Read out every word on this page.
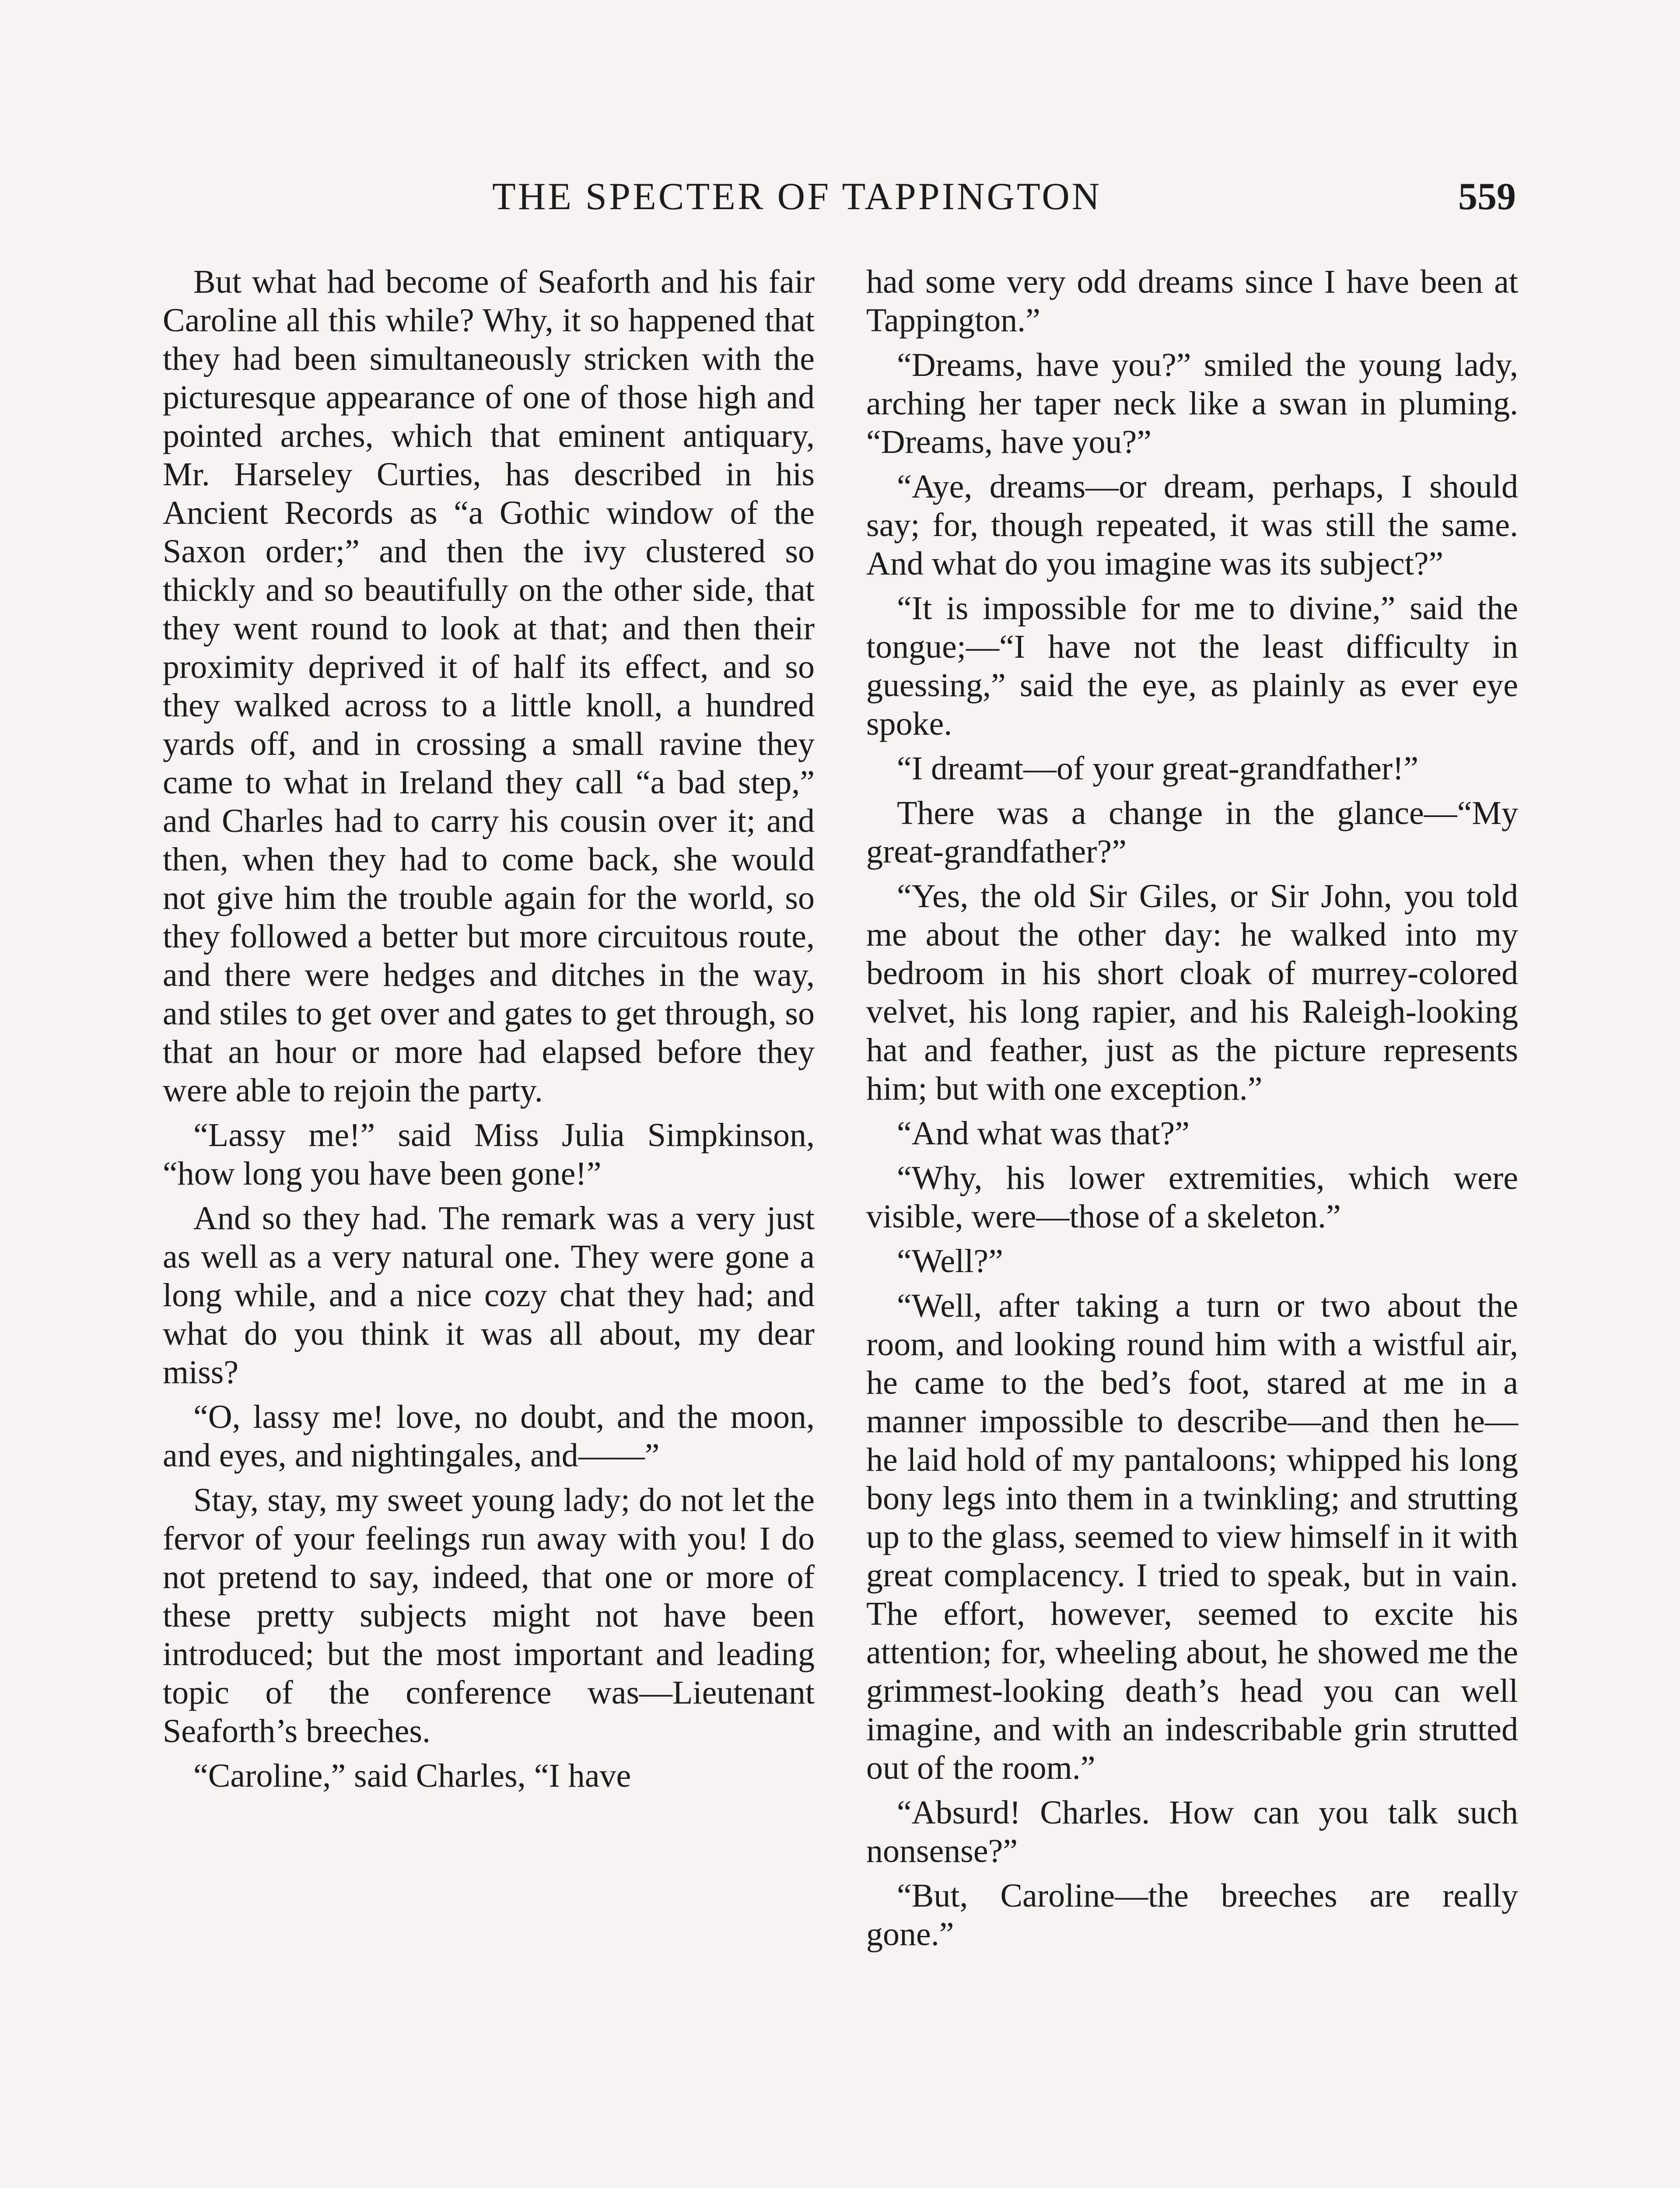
THE SPECTER OF TAPPINGTON	559

But what had become of Seaforth and his fair Caroline all this while? Why, it so happened that they had been simultaneously stricken with the picturesque appearance of one of those high and pointed arches, which that eminent antiquary, Mr. Harseley Curties, has described in his Ancient Records as “a Gothic window of the Saxon order;” and then the ivy clustered so thickly and so beautifully on the other side, that they went round to look at that; and then their proximity deprived it of half its effect, and so they walked across to a little knoll, a hundred yards off, and in crossing a small ravine they came to what in Ireland they call “a bad step,” and Charles had to carry his cousin over it; and then, when they had to come back, she would not give him the trouble again for the world, so they followed a better but more circuitous route, and there were hedges and ditches in the way, and stiles to get over and gates to get through, so that an hour or more had elapsed before they were able to rejoin the party.

“Lassy me!” said Miss Julia Simpkinson, “how long you have been gone!”

And so they had. The remark was a very just as well as a very natural one. They were gone a long while, and a nice cozy chat they had; and what do you think it was all about, my dear miss?

“O, lassy me! love, no doubt, and the moon, and eyes, and nightingales, and——”

Stay, stay, my sweet young lady; do not let the fervor of your feelings run away with you! I do not pretend to say, indeed, that one or more of these pretty subjects might not have been introduced; but the most important and leading topic of the conference was—Lieutenant Seaforth’s breeches.

“Caroline,” said Charles, “I have

had some very odd dreams since I have been at Tappington.”

“Dreams, have you?” smiled the young lady, arching her taper neck like a swan in pluming. “Dreams, have you?”

“Aye, dreams—or dream, perhaps, I should say; for, though repeated, it was still the same. And what do you imagine was its subject?”

“It is impossible for me to divine,” said the tongue;—“I have not the least difficulty in guessing,” said the eye, as plainly as ever eye spoke.

“I dreamt—of your great-grandfather!”

There was a change in the glance—“My great-grandfather?”

“Yes, the old Sir Giles, or Sir John, you told me about the other day: he walked into my bedroom in his short cloak of murrey-colored velvet, his long rapier, and his Raleigh-looking hat and feather, just as the picture represents him; but with one exception.”

“And what was that?”

“Why, his lower extremities, which were visible, were—those of a skeleton.”

“Well?”

“Well, after taking a turn or two about the room, and looking round him with a wistful air, he came to the bed’s foot, stared at me in a manner impossible to describe—and then he—he laid hold of my pantaloons; whipped his long bony legs into them in a twinkling; and strutting up to the glass, seemed to view himself in it with great complacency. I tried to speak, but in vain. The effort, however, seemed to excite his attention; for, wheeling about, he showed me the grimmest-looking death’s head you can well imagine, and with an indescribable grin strutted out of the room.”

“Absurd! Charles. How can you talk such nonsense?”

“But, Caroline—the breeches are really gone.”
